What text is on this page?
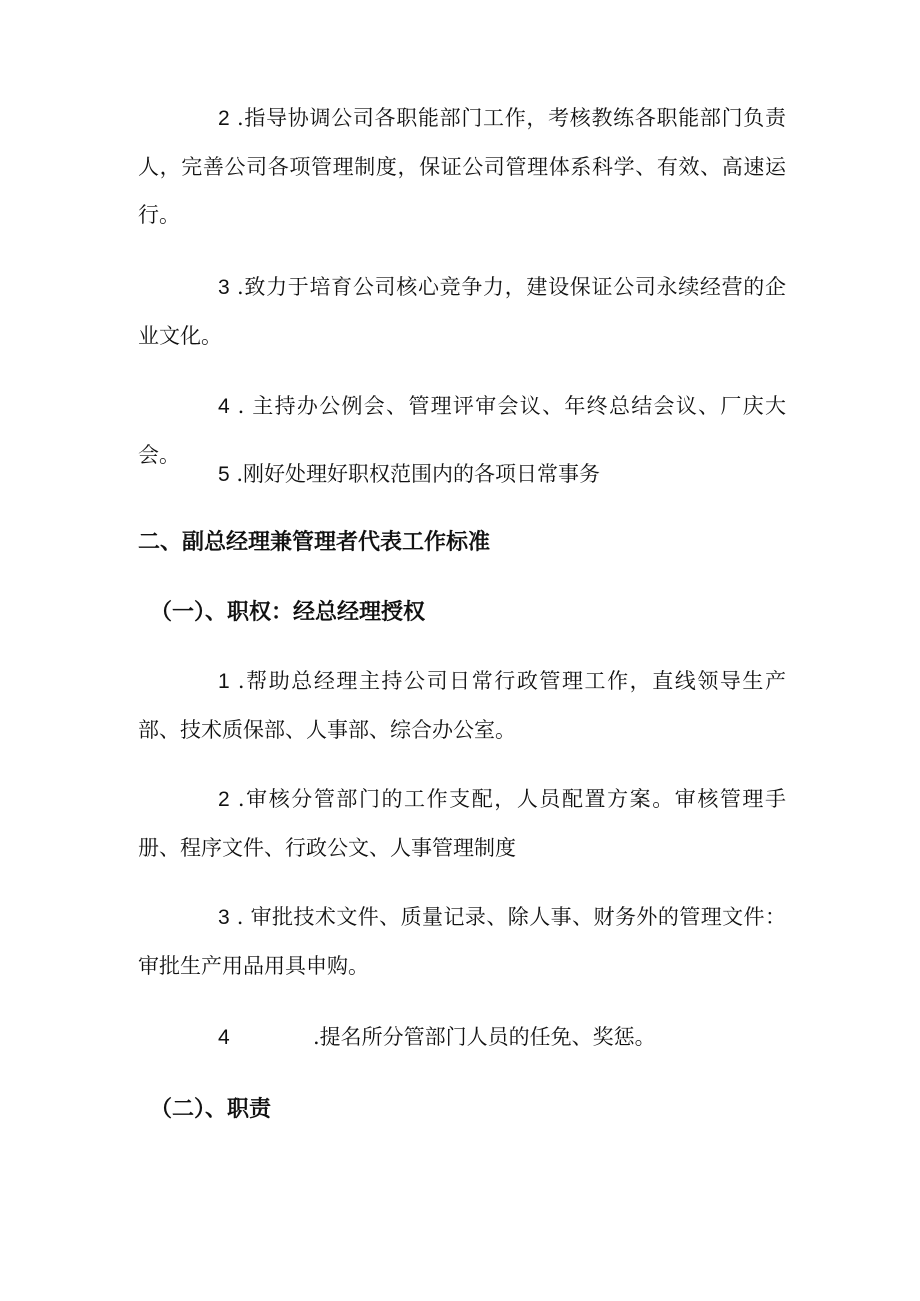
2 .指导协调公司各职能部门工作，考核教练各职能部门负责人，完善公司各项管理制度，保证公司管理体系科学、有效、高速运行。

3 .致力于培育公司核心竞争力，建设保证公司永续经营的企业文化。

4 . 主持办公例会、管理评审会议、年终总结会议、厂庆大会。

5 .刚好处理好职权范围内的各项日常事务

二、副总经理兼管理者代表工作标准
（一）、职权：经总经理授权

1 .帮助总经理主持公司日常行政管理工作，直线领导生产部、技术质保部、人事部、综合办公室。

2 .审核分管部门的工作支配，人员配置方案。审核管理手册、程序文件、行政公文、人事管理制度

3 . 审批技术文件、质量记录、除人事、财务外的管理文件：审批生产用品用具申购。

4	.提名所分管部门人员的任免、奖惩。

（二）、职责
